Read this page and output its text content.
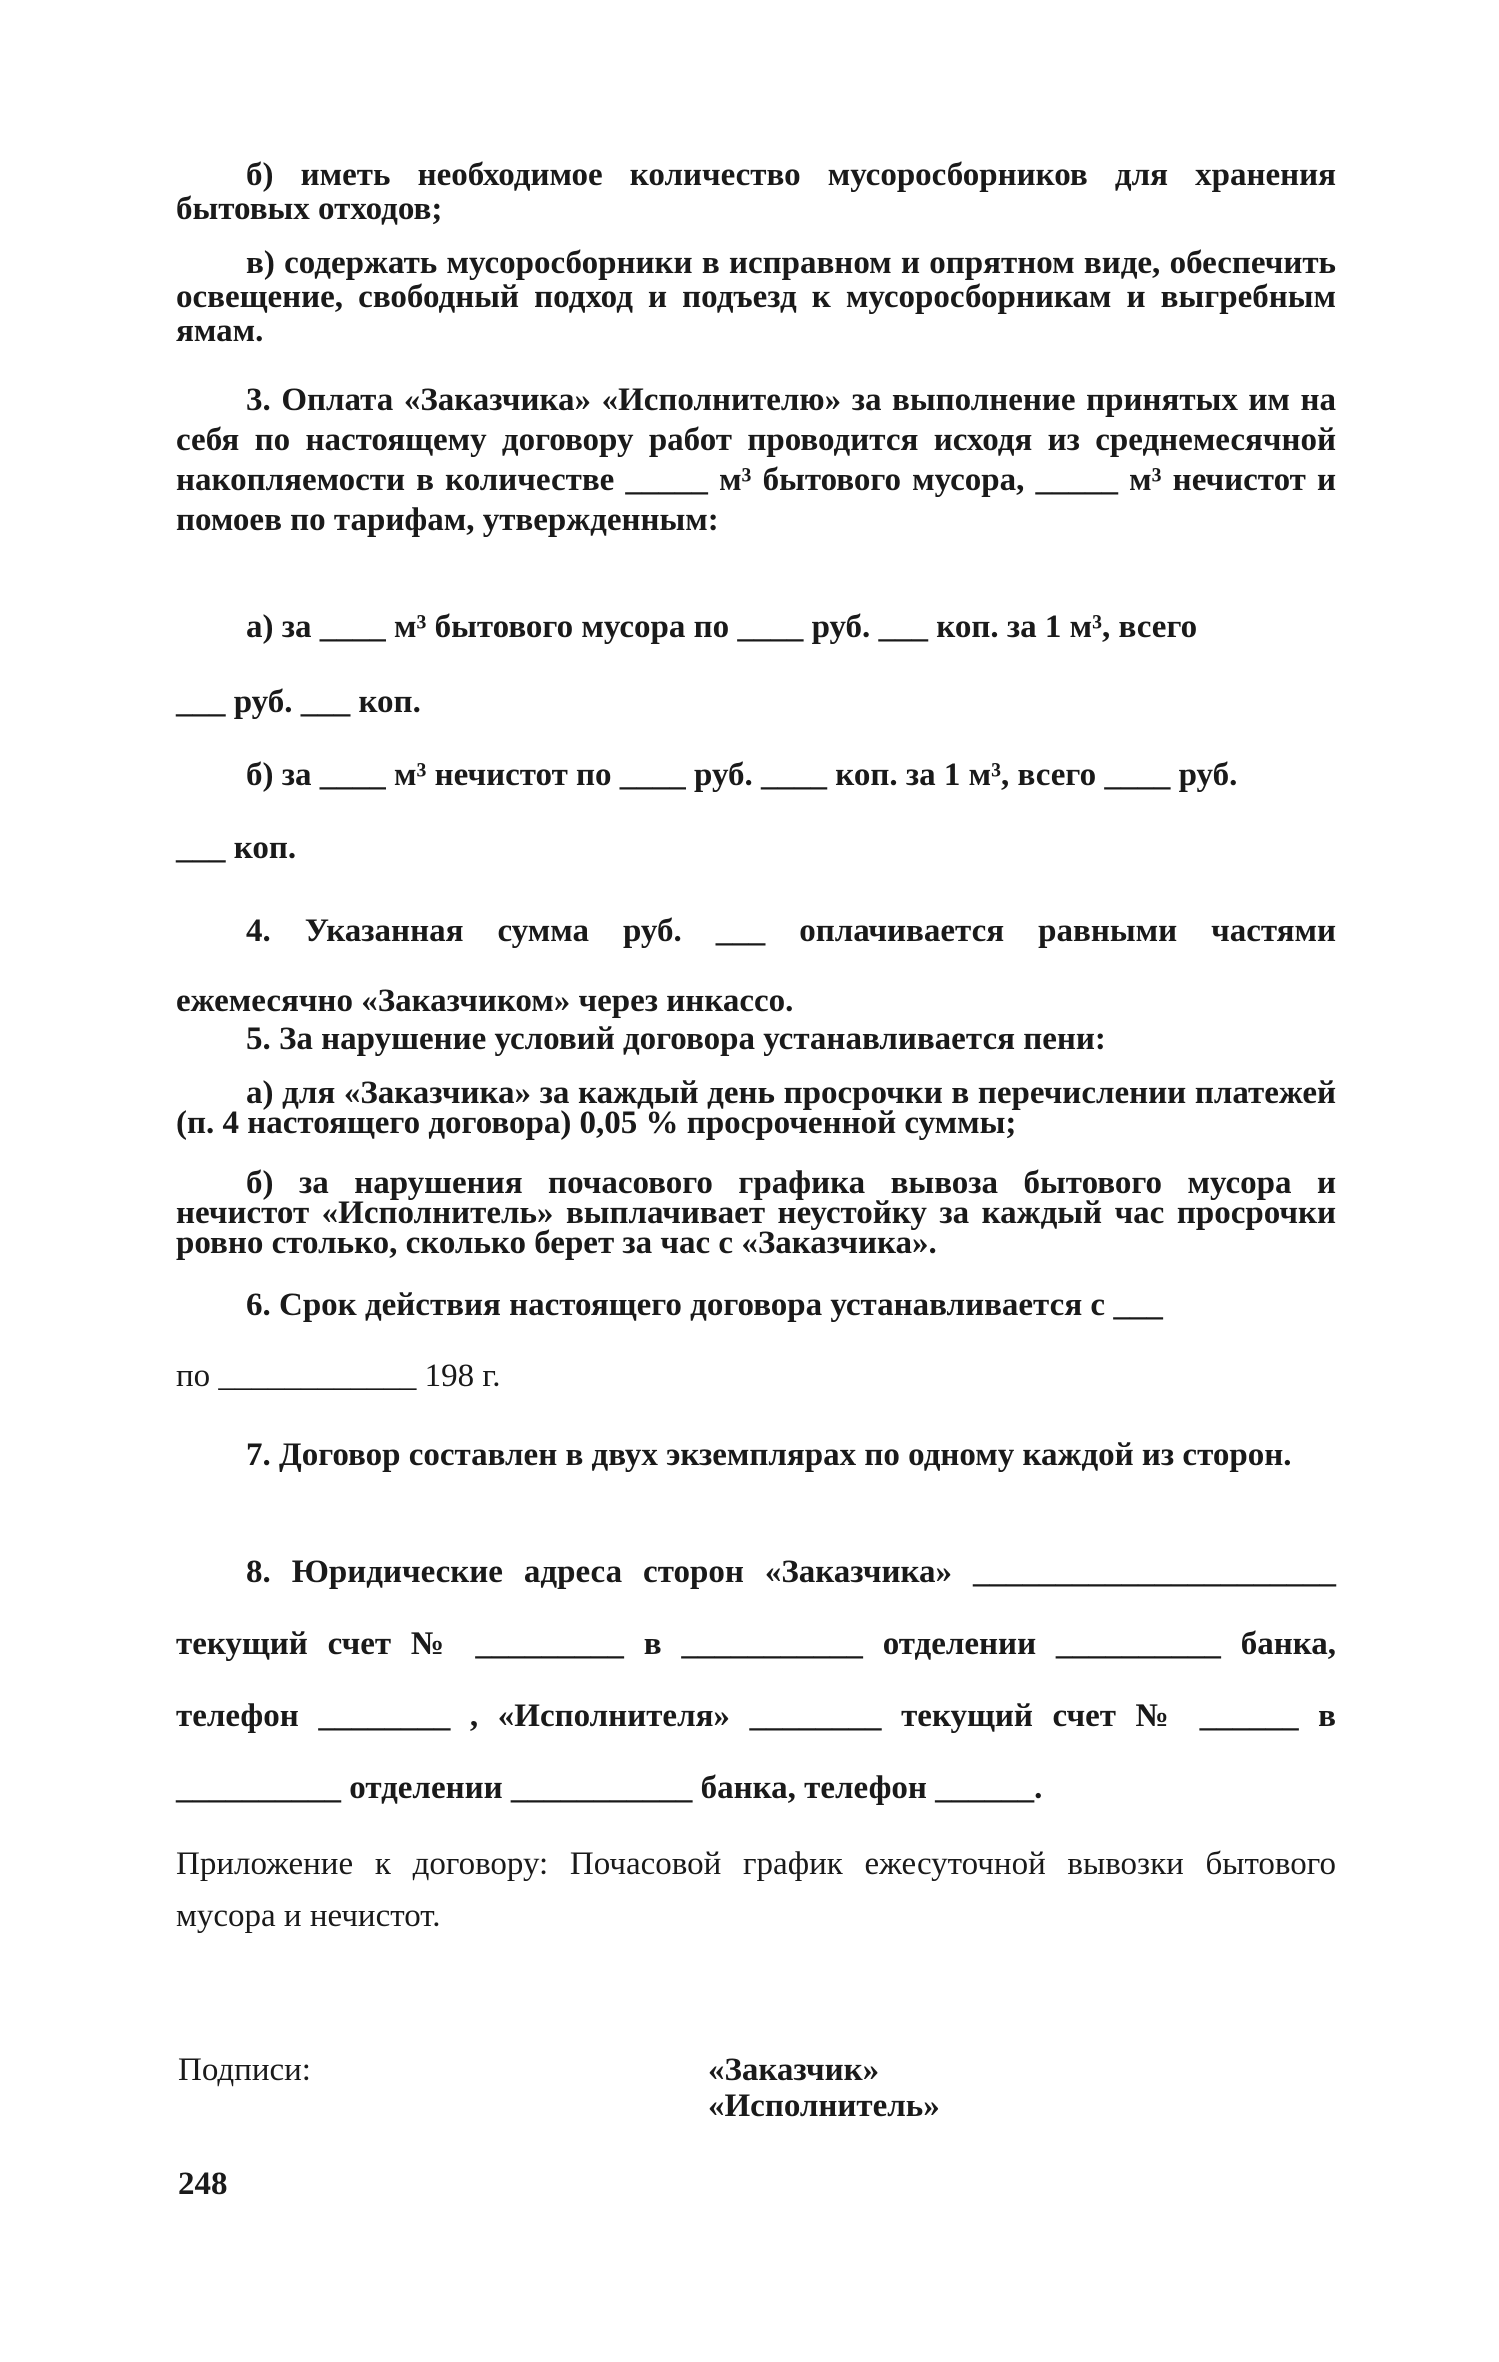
б) иметь необходимое количество мусоросборников для хранения бытовых отходов;
в) содержать мусоросборники в исправном и опрятном виде, обеспечить освещение, свободный подход и подъезд к мусоросборникам и выгребным ямам.
3. Оплата «Заказчика» «Исполнителю» за выполнение принятых им на себя по настоящему договору работ проводится исходя из среднемесячной накопляемости в количестве _____ м³ бытового мусора, _____ м³ нечистот и помоев по тарифам, утвержденным:
а) за ____ м³ бытового мусора по ____ руб. ___ коп. за 1 м³, всего
___ руб. ___ коп.
б) за ____ м³ нечистот по ____ руб. ____ коп. за 1 м³, всего ____ руб.
___ коп.
4. Указанная сумма руб. ___ оплачивается равными частями ежемесячно «Заказчиком» через инкассо.
5. За нарушение условий договора устанавливается пени:
а) для «Заказчика» за каждый день просрочки в перечислении платежей (п. 4 настоящего договора) 0,05 % просроченной суммы;
б) за нарушения почасового графика вывоза бытового мусора и нечистот «Исполнитель» выплачивает неустойку за каждый час просрочки ровно столько, сколько берет за час с «Заказчика».
6. Срок действия настоящего договора устанавливается с ___
по ____________ 198 г.
7. Договор составлен в двух экземплярах по одному каждой из сторон.
8. Юридические адреса сторон «Заказчика» ______________________ текущий счет № _________ в ___________ отделении __________ банка, телефон ________ , «Исполнителя» ________ текущий счет № ______ в __________ отделении ___________ банка, телефон ______.
Приложение к договору: Почасовой график ежесуточной вывозки бытового мусора и нечистот.
Подписи:	«Заказчик»
«Исполнитель»
248
